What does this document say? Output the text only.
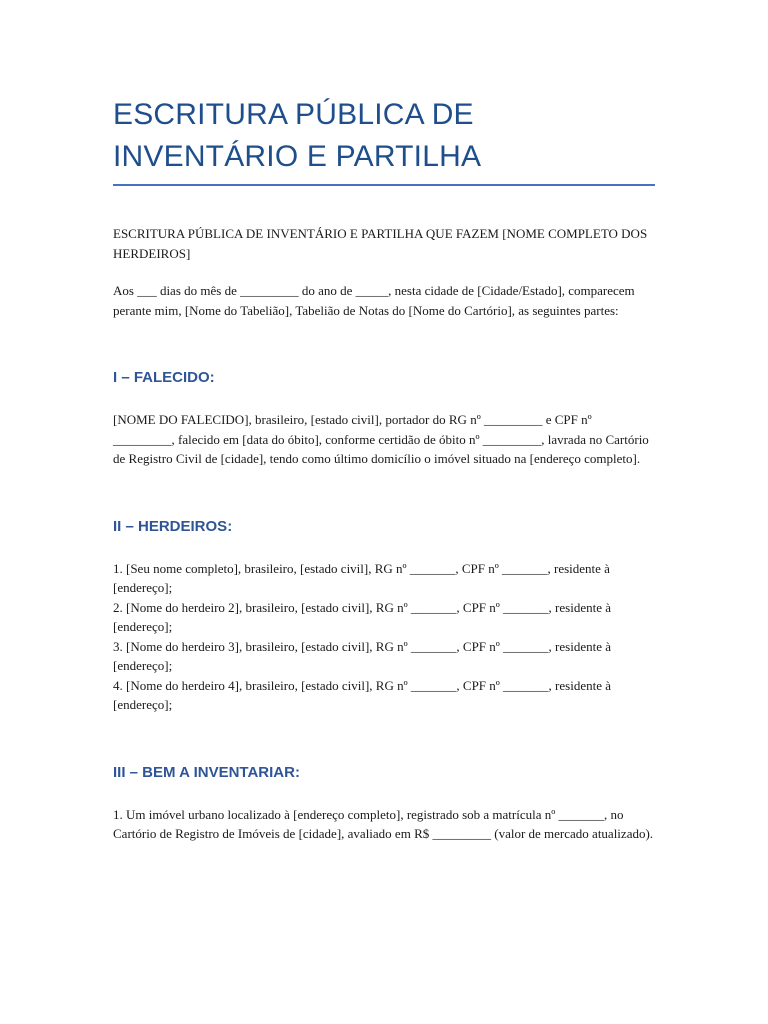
ESCRITURA PÚBLICA DE INVENTÁRIO E PARTILHA

ESCRITURA PÚBLICA DE INVENTÁRIO E PARTILHA QUE FAZEM [NOME COMPLETO DOS HERDEIROS]

Aos ___ dias do mês de _________ do ano de _____, nesta cidade de [Cidade/Estado], comparecem perante mim, [Nome do Tabelião], Tabelião de Notas do [Nome do Cartório], as seguintes partes:

I – FALECIDO:

[NOME DO FALECIDO], brasileiro, [estado civil], portador do RG nº _________ e CPF nº _________, falecido em [data do óbito], conforme certidão de óbito nº _________, lavrada no Cartório de Registro Civil de [cidade], tendo como último domicílio o imóvel situado na [endereço completo].

II – HERDEIROS:

1. [Seu nome completo], brasileiro, [estado civil], RG nº _______, CPF nº _______, residente à [endereço];

2. [Nome do herdeiro 2], brasileiro, [estado civil], RG nº _______, CPF nº _______, residente à [endereço];

3. [Nome do herdeiro 3], brasileiro, [estado civil], RG nº _______, CPF nº _______, residente à [endereço];

4. [Nome do herdeiro 4], brasileiro, [estado civil], RG nº _______, CPF nº _______, residente à [endereço];

III – BEM A INVENTARIAR:

1. Um imóvel urbano localizado à [endereço completo], registrado sob a matrícula nº _______, no Cartório de Registro de Imóveis de [cidade], avaliado em R$ _________ (valor de mercado atualizado).
